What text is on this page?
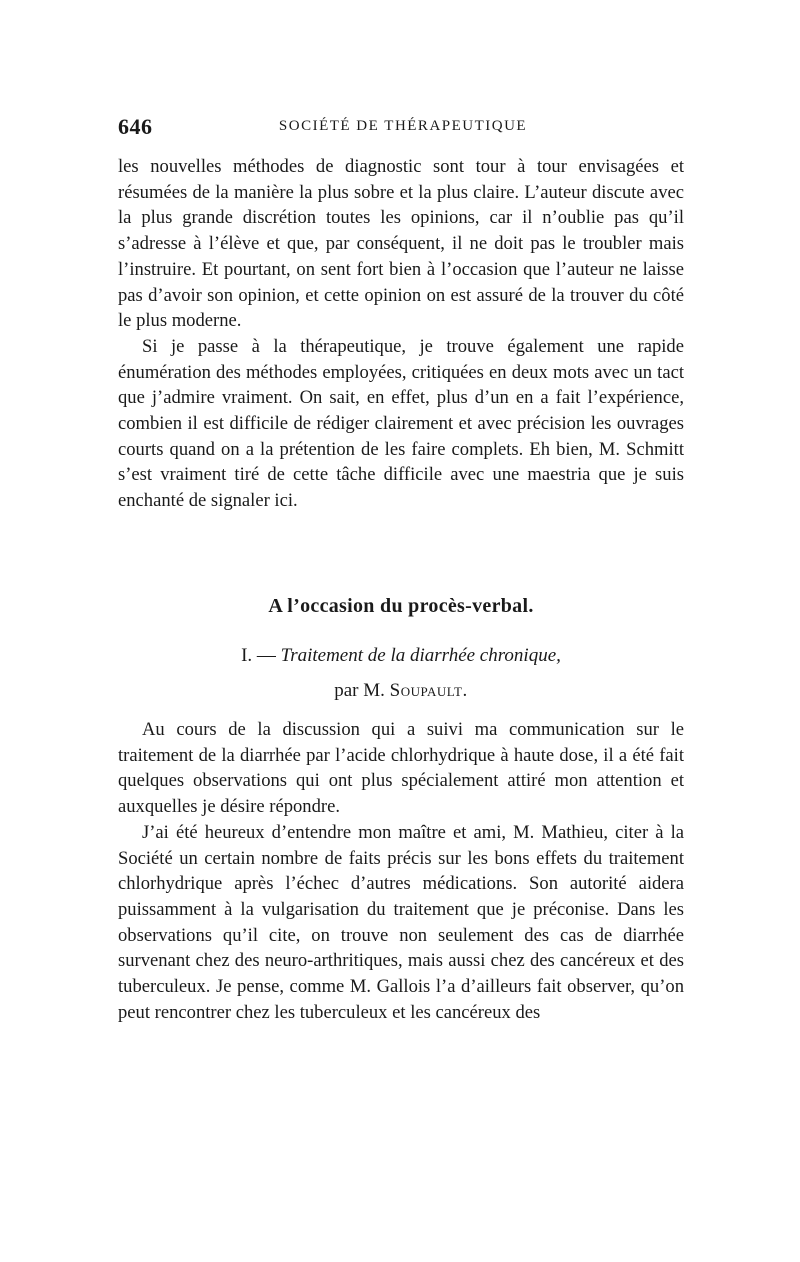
646	SOCIÉTÉ DE THÉRAPEUTIQUE

les nouvelles méthodes de diagnostic sont tour à tour envisagées et résumées de la manière la plus sobre et la plus claire. L’auteur discute avec la plus grande discrétion toutes les opinions, car il n’oublie pas qu’il s’adresse à l’élève et que, par conséquent, il ne doit pas le troubler mais l’instruire. Et pourtant, on sent fort bien à l’occasion que l’auteur ne laisse pas d’avoir son opinion, et cette opinion on est assuré de la trouver du côté le plus moderne.

Si je passe à la thérapeutique, je trouve également une rapide énumération des méthodes employées, critiquées en deux mots avec un tact que j’admire vraiment. On sait, en effet, plus d’un en a fait l’expérience, combien il est difficile de rédiger clairement et avec précision les ouvrages courts quand on a la prétention de les faire complets. Eh bien, M. Schmitt s’est vraiment tiré de cette tâche difficile avec une maestria que je suis enchanté de signaler ici.

A l’occasion du procès-verbal.
I. — Traitement de la diarrhée chronique,
par M. Soupault.

Au cours de la discussion qui a suivi ma communication sur le traitement de la diarrhée par l’acide chlorhydrique à haute dose, il a été fait quelques observations qui ont plus spécialement attiré mon attention et auxquelles je désire répondre.

J’ai été heureux d’entendre mon maître et ami, M. Mathieu, citer à la Société un certain nombre de faits précis sur les bons effets du traitement chlorhydrique après l’échec d’autres médications. Son autorité aidera puissamment à la vulgarisation du traitement que je préconise. Dans les observations qu’il cite, on trouve non seulement des cas de diarrhée survenant chez des neuro-arthritiques, mais aussi chez des cancéreux et des tuberculeux. Je pense, comme M. Gallois l’a d’ailleurs fait observer, qu’on peut rencontrer chez les tuberculeux et les cancéreux des
